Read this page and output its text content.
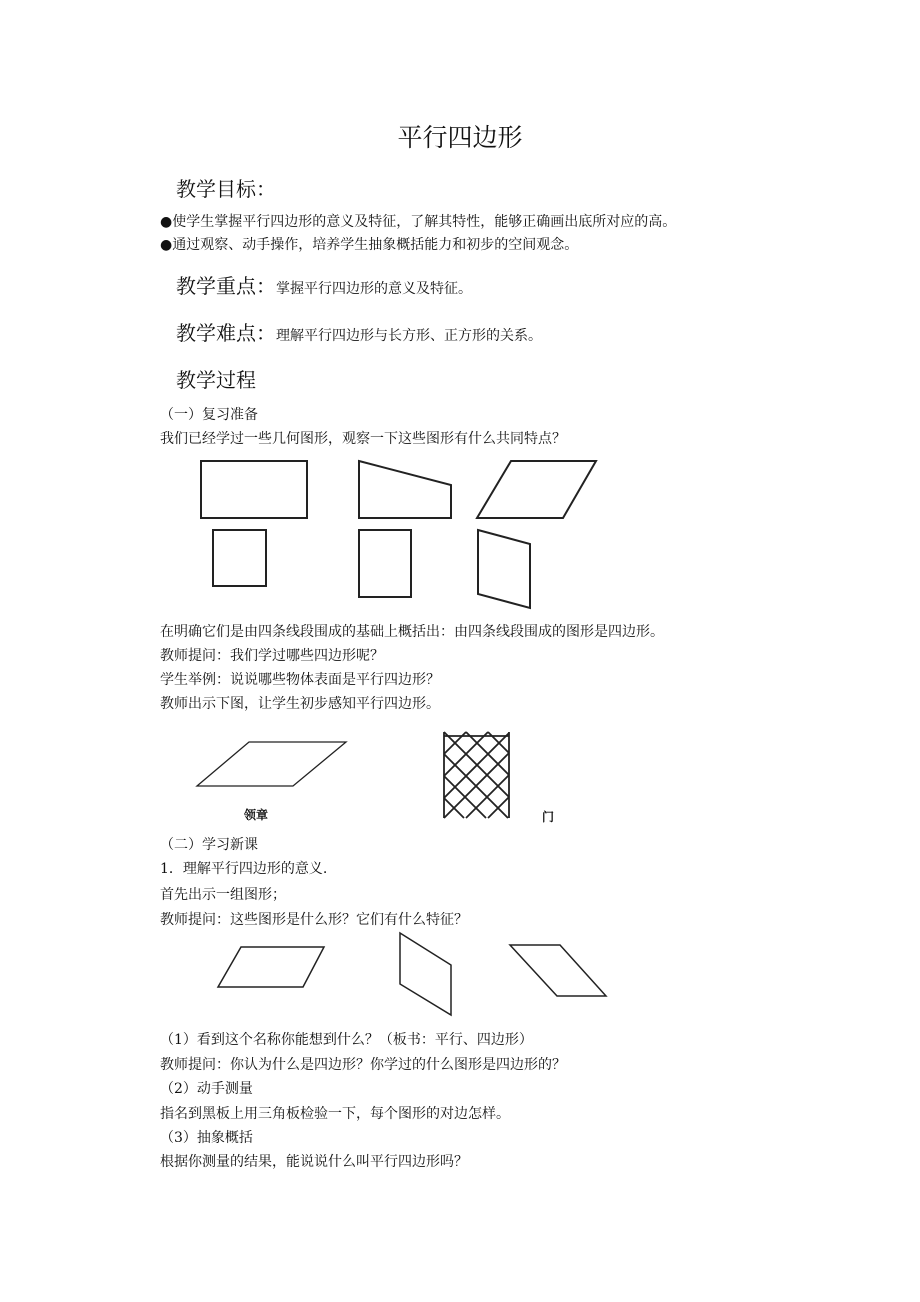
平行四边形
教学目标：
●使学生掌握平行四边形的意义及特征，了解其特性，能够正确画出底所对应的高。
●通过观察、动手操作，培养学生抽象概括能力和初步的空间观念。
教学重点：掌握平行四边形的意义及特征。
教学难点：理解平行四边形与长方形、正方形的关系。
教学过程
（一）复习准备
我们已经学过一些几何图形，观察一下这些图形有什么共同特点？
在明确它们是由四条线段围成的基础上概括出：由四条线段围成的图形是四边形。
教师提问：我们学过哪些四边形呢？
学生举例：说说哪些物体表面是平行四边形？
教师出示下图，让学生初步感知平行四边形。
领章	门
（二）学习新课
1．理解平行四边形的意义.
首先出示一组图形；
教师提问：这些图形是什么形？它们有什么特征？
（1）看到这个名称你能想到什么？（板书：平行、四边形）
教师提问：你认为什么是四边形？你学过的什么图形是四边形的？
（2）动手测量
指名到黑板上用三角板检验一下，每个图形的对边怎样。
（3）抽象概括
根据你测量的结果，能说说什么叫平行四边形吗？
